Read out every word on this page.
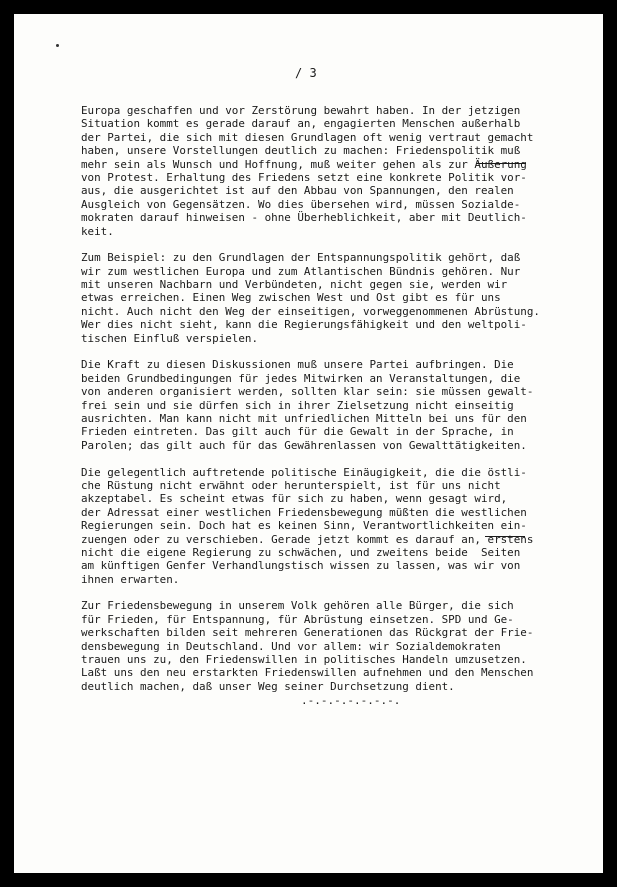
/ 3
Europa geschaffen und vor Zerstörung bewahrt haben. In der jetzigen
Situation kommt es gerade darauf an, engagierten Menschen außerhalb
der Partei, die sich mit diesen Grundlagen oft wenig vertraut gemacht
haben, unsere Vorstellungen deutlich zu machen: Friedenspolitik muß
mehr sein als Wunsch und Hoffnung, muß weiter gehen als zur Äußerung
von Protest. Erhaltung des Friedens setzt eine konkrete Politik vor-
aus, die ausgerichtet ist auf den Abbau von Spannungen, den realen
Ausgleich von Gegensätzen. Wo dies übersehen wird, müssen Sozialde-
mokraten darauf hinweisen - ohne Überheblichkeit, aber mit Deutlich-
keit.
Zum Beispiel: zu den Grundlagen der Entspannungspolitik gehört, daß
wir zum westlichen Europa und zum Atlantischen Bündnis gehören. Nur
mit unseren Nachbarn und Verbündeten, nicht gegen sie, werden wir
etwas erreichen. Einen Weg zwischen West und Ost gibt es für uns
nicht. Auch nicht den Weg der einseitigen, vorweggenommenen Abrüstung.
Wer dies nicht sieht, kann die Regierungsfähigkeit und den weltpoli-
tischen Einfluß verspielen.
Die Kraft zu diesen Diskussionen muß unsere Partei aufbringen. Die
beiden Grundbedingungen für jedes Mitwirken an Veranstaltungen, die
von anderen organisiert werden, sollten klar sein: sie müssen gewalt-
frei sein und sie dürfen sich in ihrer Zielsetzung nicht einseitig
ausrichten. Man kann nicht mit unfriedlichen Mitteln bei uns für den
Frieden eintreten. Das gilt auch für die Gewalt in der Sprache, in
Parolen; das gilt auch für das Gewährenlassen von Gewalttätigkeiten.
Die gelegentlich auftretende politische Einäugigkeit, die die östli-
che Rüstung nicht erwähnt oder herunterspielt, ist für uns nicht
akzeptabel. Es scheint etwas für sich zu haben, wenn gesagt wird,
der Adressat einer westlichen Friedensbewegung müßten die westlichen
Regierungen sein. Doch hat es keinen Sinn, Verantwortlichkeiten ein-
zuengen oder zu verschieben. Gerade jetzt kommt es darauf an, erstens
nicht die eigene Regierung zu schwächen, und zweitens beide  Seiten
am künftigen Genfer Verhandlungstisch wissen zu lassen, was wir von
ihnen erwarten.
Zur Friedensbewegung in unserem Volk gehören alle Bürger, die sich
für Frieden, für Entspannung, für Abrüstung einsetzen. SPD und Ge-
werkschaften bilden seit mehreren Generationen das Rückgrat der Frie-
densbewegung in Deutschland. Und vor allem: wir Sozialdemokraten
trauen uns zu, den Friedenswillen in politisches Handeln umzusetzen.
Laßt uns den neu erstarkten Friedenswillen aufnehmen und den Menschen
deutlich machen, daß unser Weg seiner Durchsetzung dient.
.-.-.-.-.-.-.-.
